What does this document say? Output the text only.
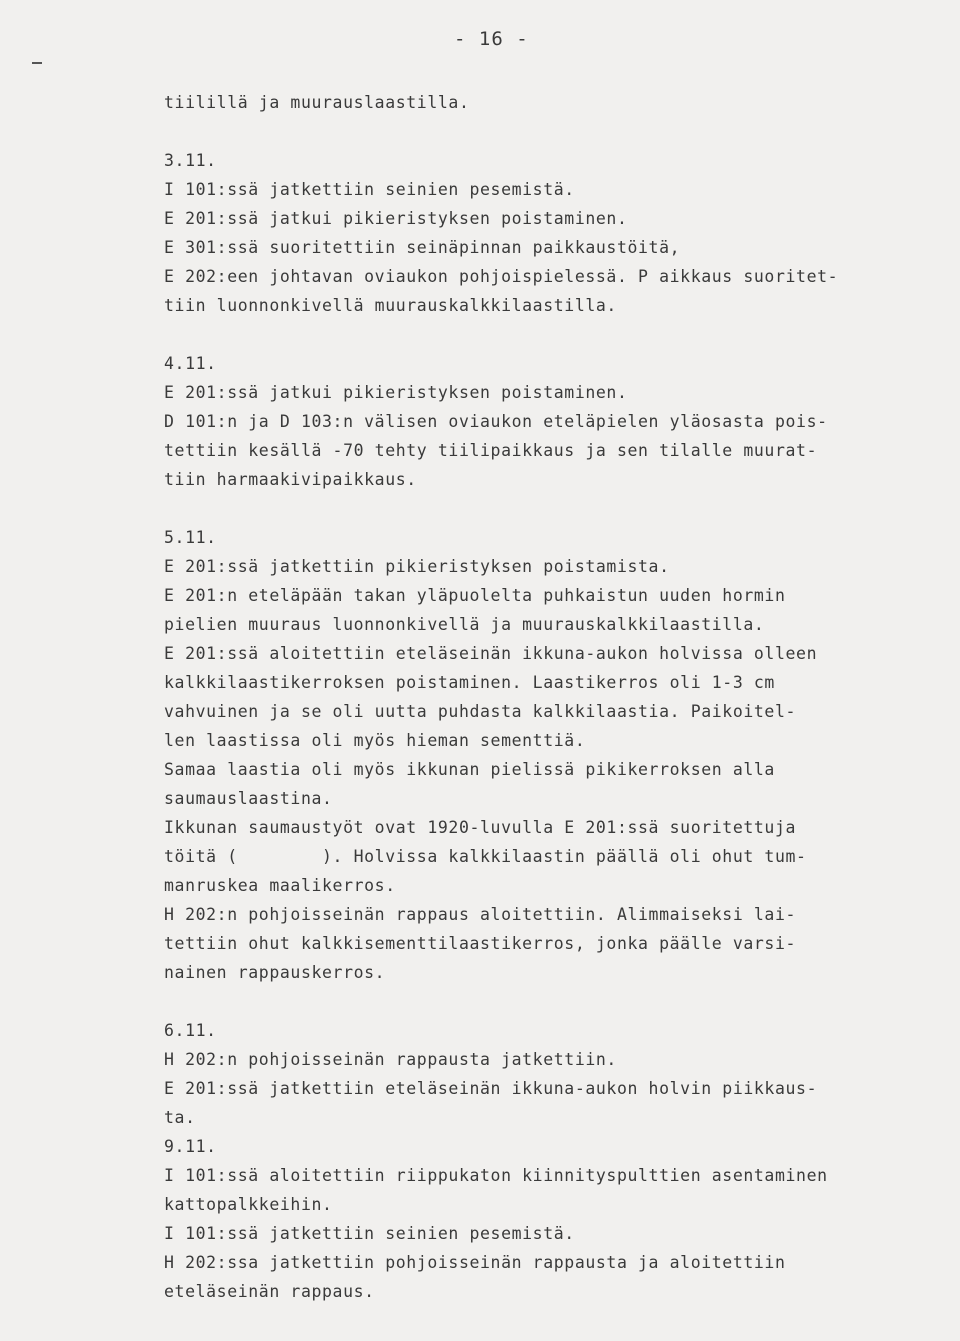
- 16 -
tiilillä ja muurauslaastilla.
3.11.
I 101:ssä jatkettiin seinien pesemistä.
E 201:ssä jatkui pikieristyksen poistaminen.
E 301:ssä suoritettiin seinäpinnan paikkaustöitä,
E 202:een johtavan oviaukon pohjoispielessä. P aikkaus suoritet-
tiin luonnonkivellä muurauskalkkilaastilla.
4.11.
E 201:ssä jatkui pikieristyksen poistaminen.
D 101:n ja D 103:n välisen oviaukon eteläpielen yläosasta pois-
tettiin kesällä -70 tehty tiilipaikkaus ja sen tilalle muurat-
tiin harmaakivipaikkaus.
5.11.
E 201:ssä jatkettiin pikieristyksen poistamista.
E 201:n eteläpään takan yläpuolelta puhkaistun uuden hormin
pielien muuraus luonnonkivellä ja muurauskalkkilaastilla.
E 201:ssä aloitettiin eteläseinän ikkuna-aukon holvissa olleen
kalkkilaastikerroksen poistaminen. Laastikerros oli 1-3 cm
vahvuinen ja se oli uutta puhdasta kalkkilaastia. Paikoitel-
len laastissa oli myös hieman sementtiä.
Samaa laastia oli myös ikkunan pielissä pikikerroksen alla
saumauslaastina.
Ikkunan saumaustyöt ovat 1920-luvulla E 201:ssä suoritettuja
töitä (        ). Holvissa kalkkilaastin päällä oli ohut tum-
manruskea maalikerros.
H 202:n pohjoisseinän rappaus aloitettiin. Alimmaiseksi lai-
tettiin ohut kalkkisementtilaastikerros, jonka päälle varsi-
nainen rappauskerros.
6.11.
H 202:n pohjoisseinän rappausta jatkettiin.
E 201:ssä jatkettiin eteläseinän ikkuna-aukon holvin piikkaus-
ta.
9.11.
I 101:ssä aloitettiin riippukaton kiinnityspulttien asentaminen
kattopalkkeihin.
I 101:ssä jatkettiin seinien pesemistä.
H 202:ssa jatkettiin pohjoisseinän rappausta ja aloitettiin
eteläseinän rappaus.
